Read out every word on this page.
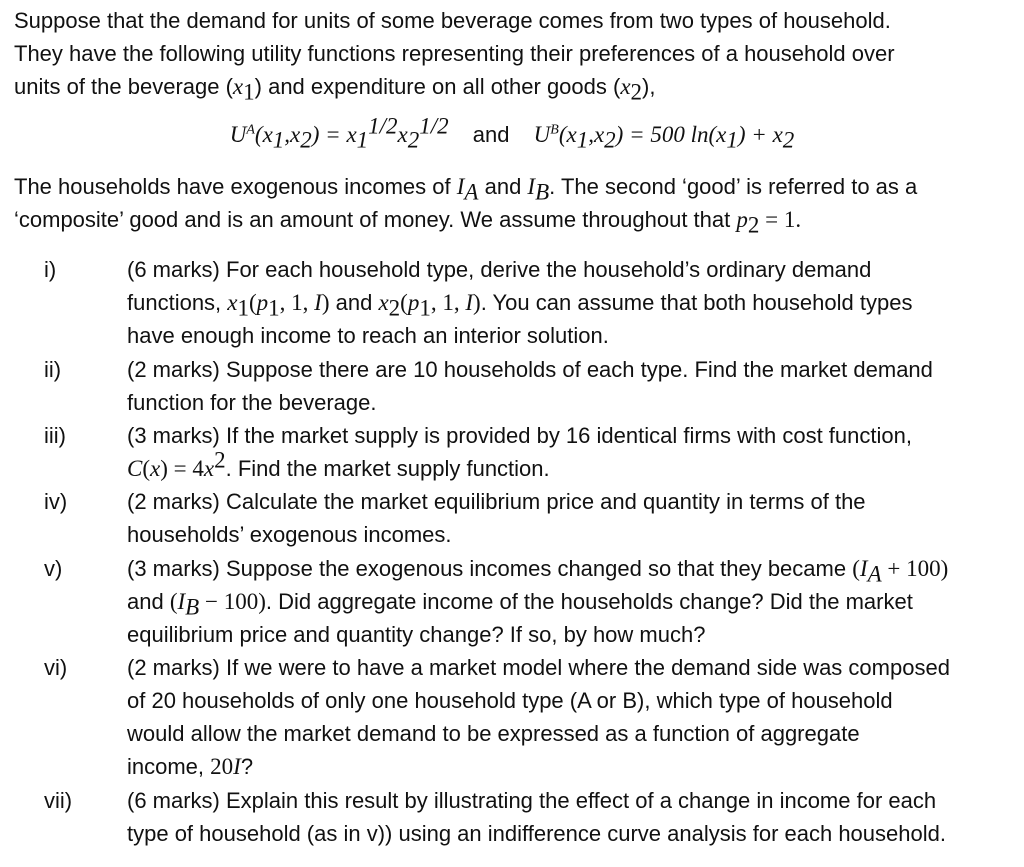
Suppose that the demand for units of some beverage comes from two types of household.
They have the following utility functions representing their preferences of a household over
units of the beverage $(x_1)$ and expenditure on all other goods $(x_2)$,
$U^A(x_1,x_2) = x_1^{1/2}x_2^{1/2}$ and $U^B(x_1,x_2) = 500$ $\ln(x_1) + x_2$
The households have exogenous incomes of $I_A$ and $I_B$. The second ‘good’ is referred to as a
‘composite’ good and is an amount of money. We assume throughout that $p_2 = 1$.
i)	(6 marks) For each household type, derive the household’s ordinary demand
functions, $x_1(p_1$, 1, I) and $x_2(p_1$, 1, I). You can assume that both household types
have enough income to reach an interior solution.
ii)	(2 marks) Suppose there are 10 households of each type. Find the market demand
function for the beverage.
iii)	(3 marks) If the market supply is provided by 16 identical firms with cost function,
$C(x) = 4x^2$. Find the market supply function.
iv)	(2 marks) Calculate the market equilibrium price and quantity in terms of the
households’ exogenous incomes.
v)	(3 marks) Suppose the exogenous incomes changed so that they became $(I_A + 100)$
and $(I_B - 100)$. Did aggregate income of the households change? Did the market
equilibrium price and quantity change? If so, by how much?
vi)	(2 marks) If we were to have a market model where the demand side was composed
of 20 households of only one household type (A or B), which type of household
would allow the market demand to be expressed as a function of aggregate
income, 20I?
vii)	(6 marks) Explain this result by illustrating the effect of a change in income for each
type of household (as in v)) using an indifference curve analysis for each household.
